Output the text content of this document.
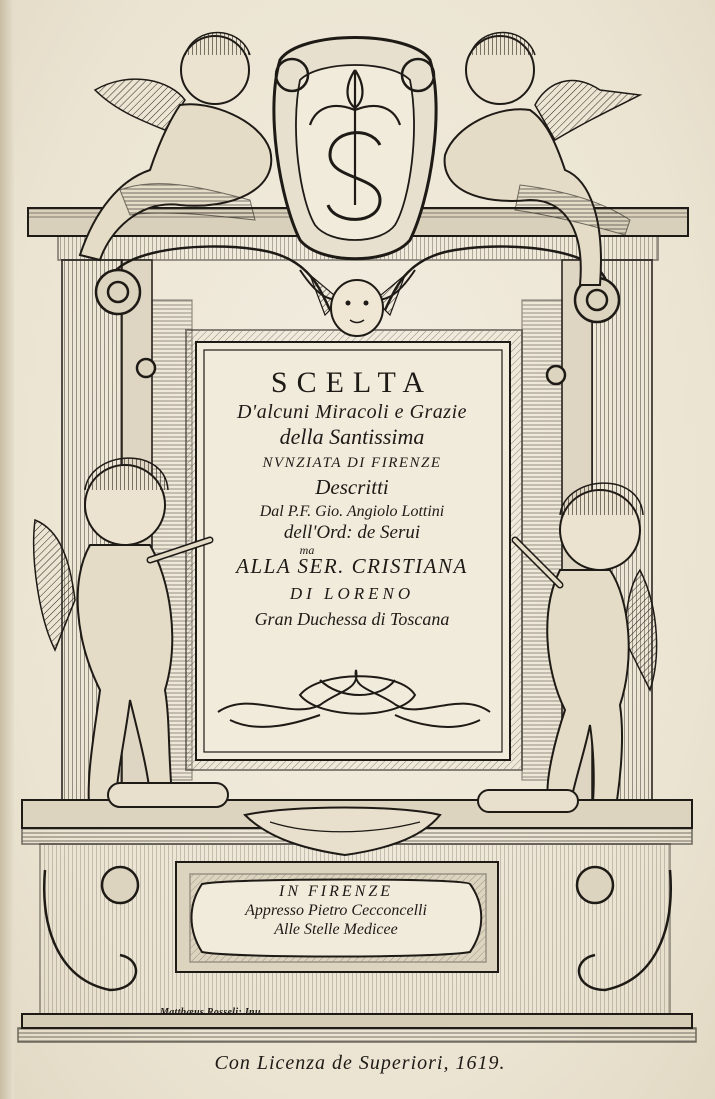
SCELTA
D'alcuni Miracoli e Grazie
della Santissima
NVNZIATA DI FIRENZE
Descritti
Dal P.F. Gio. Angiolo Lottini
dell'Ord: de Serui
ma
ALLA SER. CRISTIANA
DI LORENO
Gran Duchessa di Toscana
IN FIRENZE
Appresso Pietro Cecconcelli
Alle Stelle Medicee
Matthæus Rosseli: Inu.
Con Licenza de Superiori, 1619.
